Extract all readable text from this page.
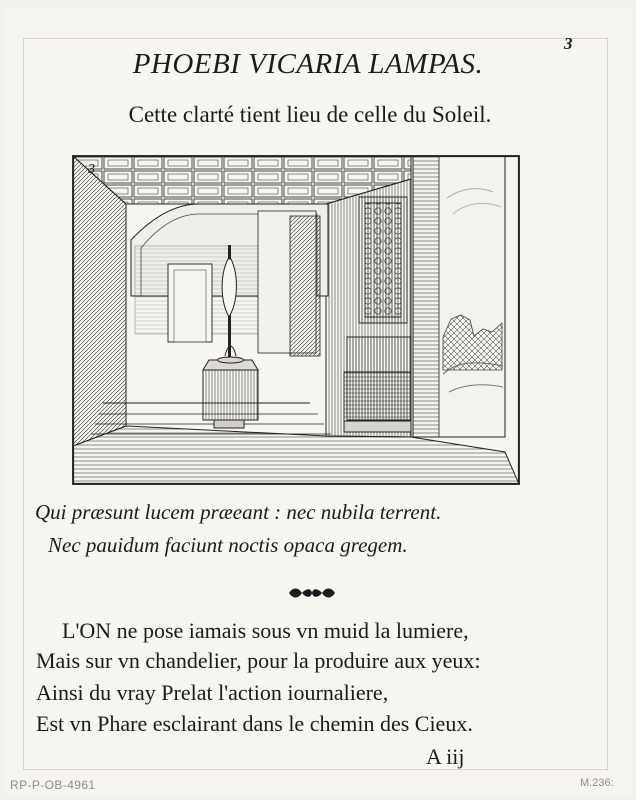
3
PHOEBI VICARIA LAMPAS.
Cette clarté tient lieu de celle du Soleil.
3
Qui præsunt lucem præeant : nec nubila terrent.
Nec pauidum faciunt noctis opaca gregem.
L'ON ne pose iamais sous vn muid la lumiere,
Mais sur vn chandelier, pour la produire aux yeux:
Ainsi du vray Prelat l'action iournaliere,
Est vn Phare esclairant dans le chemin des Cieux.
A iij
RP-P-OB-4961	M.236:
